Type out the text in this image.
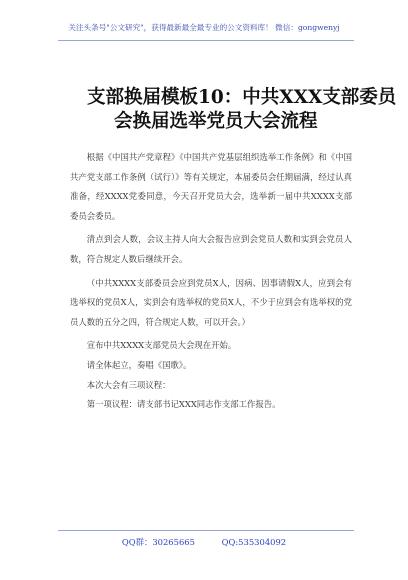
关注头条号"公文研究"，获得最新最全最专业的公文资料库！ 微信：gongwenyj
支部换届模板10：中共XXX支部委员
会换届选举党员大会流程

根据《中国共产党章程》《中国共产党基层组织选举工作条例》和《中国共产党支部工作条例（试行）》等有关规定，本届委员会任期届满，经过认真准备，经XXXX党委同意，今天召开党员大会，选举新一届中共XXXX支部委员会委员。

清点到会人数，会议主持人向大会报告应到会党员人数和实到会党员人数，符合规定人数后继续开会。

（中共XXXX支部委员会应到党员X人，因病、因事请假X人，应到会有选举权的党员X人，实到会有选举权的党员X人，不少于应到会有选举权的党员人数的五分之四，符合规定人数，可以开会。）

宣布中共XXXX支部党员大会现在开始。

请全体起立，奏唱《国歌》。

本次大会有三项议程：

第一项议程：请支部书记XXX同志作支部工作报告。

QQ群：30265665	QQ:535304092
